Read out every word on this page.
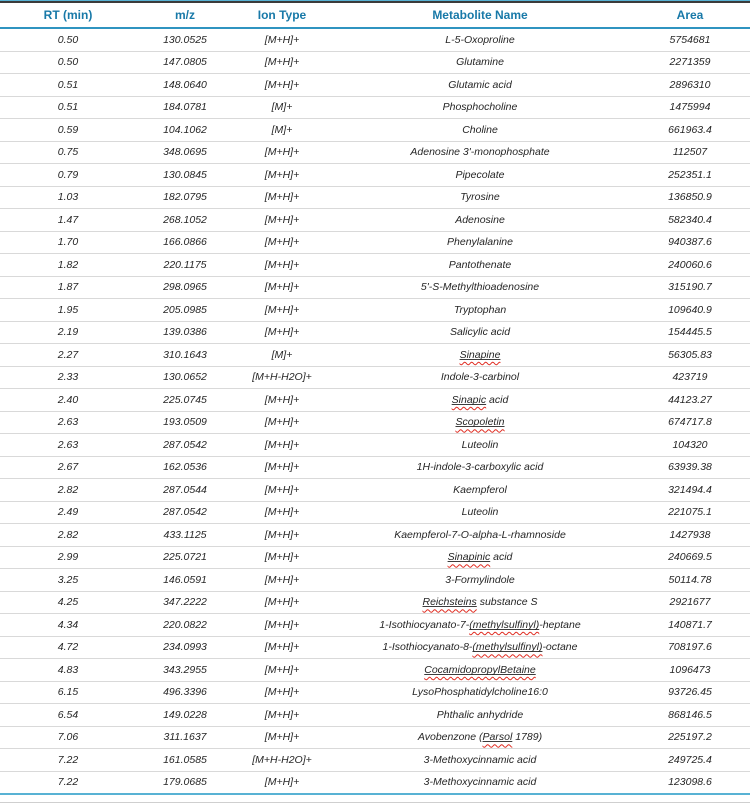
RT (min)	m/z	Ion Type	Metabolite Name	Area
0.50	130.0525	[M+H]+	L-5-Oxoproline	5754681
0.50	147.0805	[M+H]+	Glutamine	2271359
0.51	148.0640	[M+H]+	Glutamic acid	2896310
0.51	184.0781	[M]+	Phosphocholine	1475994
0.59	104.1062	[M]+	Choline	661963.4
0.75	348.0695	[M+H]+	Adenosine 3'-monophosphate	112507
0.79	130.0845	[M+H]+	Pipecolate	252351.1
1.03	182.0795	[M+H]+	Tyrosine	136850.9
1.47	268.1052	[M+H]+	Adenosine	582340.4
1.70	166.0866	[M+H]+	Phenylalanine	940387.6
1.82	220.1175	[M+H]+	Pantothenate	240060.6
1.87	298.0965	[M+H]+	5'-S-Methylthioadenosine	315190.7
1.95	205.0985	[M+H]+	Tryptophan	109640.9
2.19	139.0386	[M+H]+	Salicylic acid	154445.5
2.27	310.1643	[M]+	Sinapine	56305.83
2.33	130.0652	[M+H-H2O]+	Indole-3-carbinol	423719
2.40	225.0745	[M+H]+	Sinapic acid	44123.27
2.63	193.0509	[M+H]+	Scopoletin	674717.8
2.63	287.0542	[M+H]+	Luteolin	104320
2.67	162.0536	[M+H]+	1H-indole-3-carboxylic acid	63939.38
2.82	287.0544	[M+H]+	Kaempferol	321494.4
2.49	287.0542	[M+H]+	Luteolin	221075.1
2.82	433.1125	[M+H]+	Kaempferol-7-O-alpha-L-rhamnoside	1427938
2.99	225.0721	[M+H]+	Sinapinic acid	240669.5
3.25	146.0591	[M+H]+	3-Formylindole	50114.78
4.25	347.2222	[M+H]+	Reichsteins substance S	2921677
4.34	220.0822	[M+H]+	1-Isothiocyanato-7-(methylsulfinyl)-heptane	140871.7
4.72	234.0993	[M+H]+	1-Isothiocyanato-8-(methylsulfinyl)-octane	708197.6
4.83	343.2955	[M+H]+	CocamidopropylBetaine	1096473
6.15	496.3396	[M+H]+	LysoPhosphatidylcholine16:0	93726.45
6.54	149.0228	[M+H]+	Phthalic anhydride	868146.5
7.06	311.1637	[M+H]+	Avobenzone (Parsol 1789)	225197.2
7.22	161.0585	[M+H-H2O]+	3-Methoxycinnamic acid	249725.4
7.22	179.0685	[M+H]+	3-Methoxycinnamic acid	123098.6
